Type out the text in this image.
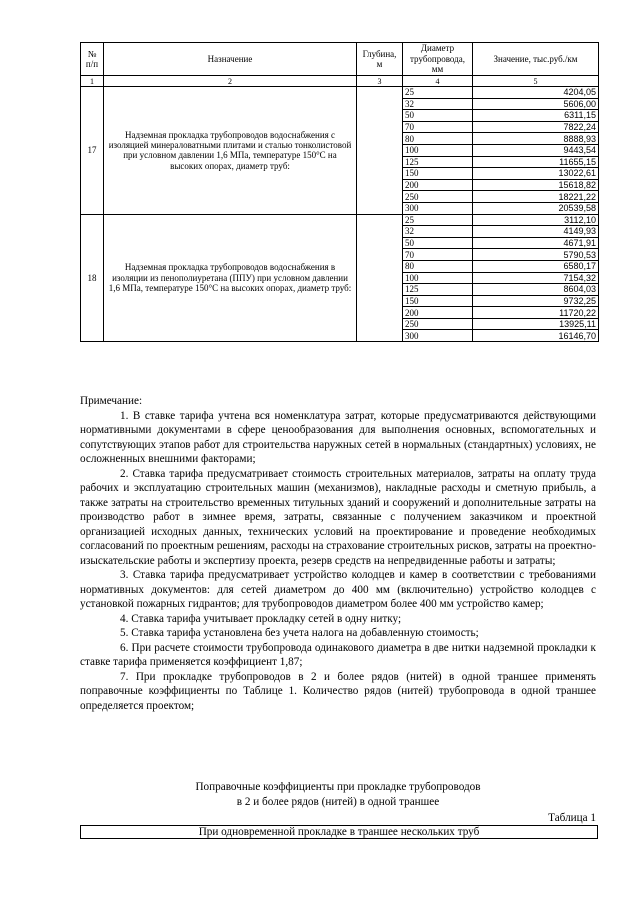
№ п/п	Назначение	Глубина, м	Диаметр трубопровода, мм	Значение, тыс.руб./км
1	2	3	4	5
17	Надземная прокладка трубопроводов водоснабжения с изоляцией минераловатными плитами и сталью тонколистовой при условном давлении 1,6 МПа, температуре 150°С на высоких опорах, диаметр труб:		25	4204,05
			32	5606,00
			50	6311,15
			70	7822,24
			80	8888,93
			100	9443,54
			125	11655,15
			150	13022,61
			200	15618,82
			250	18221,22
			300	20539,58
18	Надземная прокладка трубопроводов водоснабжения в изоляции из пенополиуретана (ППУ) при условном давлении 1,6 МПа, температуре 150°С на высоких опорах, диаметр труб:		25	3112,10
			32	4149,93
			50	4671,91
			70	5790,53
			80	6580,17
			100	7154,32
			125	8604,03
			150	9732,25
			200	11720,22
			250	13925,11
			300	16146,70

Примечание:

1. В ставке тарифа учтена вся номенклатура затрат, которые предусматриваются действующими нормативными документами в сфере ценообразования для выполнения основных, вспомогательных и сопутствующих этапов работ для строительства наружных сетей в нормальных (стандартных) условиях, не осложненных внешними факторами;

2. Ставка тарифа предусматривает стоимость строительных материалов, затраты на оплату труда рабочих и эксплуатацию строительных машин (механизмов), накладные расходы и сметную прибыль, а также затраты на строительство временных титульных зданий и сооружений и дополнительные затраты на производство работ в зимнее время, затраты, связанные с получением заказчиком и проектной организацией исходных данных, технических условий на проектирование и проведение необходимых согласований по проектным решениям, расходы на страхование строительных рисков, затраты на проектно-изыскательские работы и экспертизу проекта, резерв средств на непредвиденные работы и затраты;

3. Ставка тарифа предусматривает устройство колодцев и камер в соответствии с требованиями нормативных документов: для сетей диаметром до 400 мм (включительно) устройство колодцев с установкой пожарных гидрантов; для трубопроводов диаметром более 400 мм устройство камер;

4. Ставка тарифа учитывает прокладку сетей в одну нитку;

5. Ставка тарифа установлена без учета налога на добавленную стоимость;

6. При расчете стоимости трубопровода одинакового диаметра в две нитки надземной прокладки к ставке тарифа применяется коэффициент 1,87;

7. При прокладке трубопроводов в 2 и более рядов (нитей) в одной траншее применять поправочные коэффициенты по Таблице 1. Количество рядов (нитей) трубопровода в одной траншее определяется проектом;

Поправочные коэффициенты при прокладке трубопроводов
в 2 и более рядов (нитей) в одной траншее
Таблица 1
При одновременной прокладке в траншее нескольких труб
